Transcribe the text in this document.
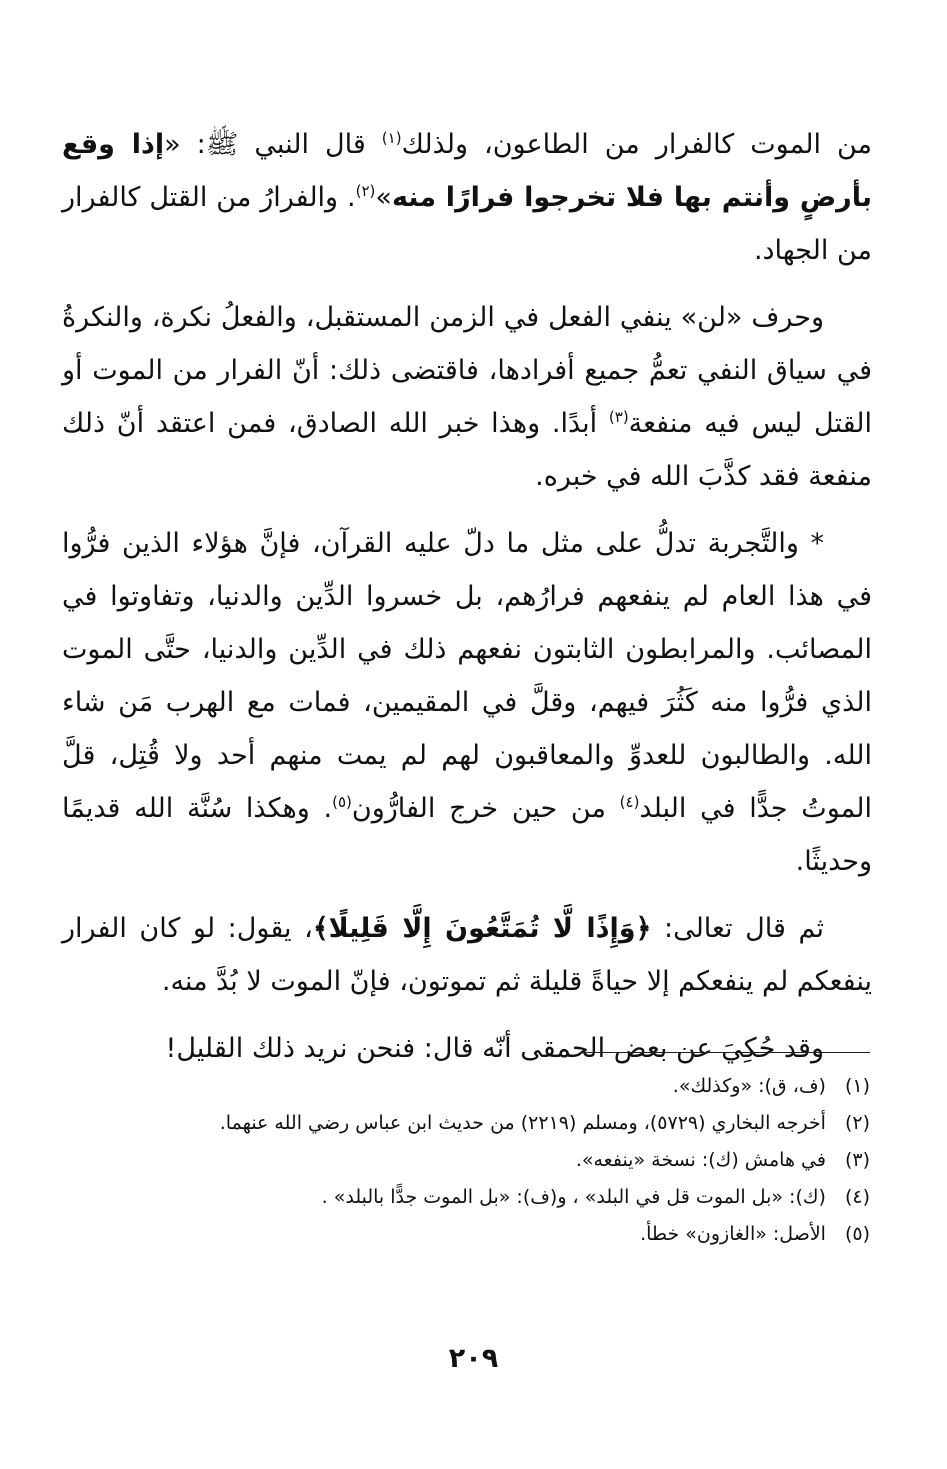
من الموت كالفرار من الطاعون، ولذلك$^{(١)}$ قال النبي ﷺ: «إذا وقع بأرضٍ وأنتم بها فلا تخرجوا فرارًا منه»$^{(٢)}$. والفرارُ من القتل كالفرار من الجهاد.

وحرف «لن» ينفي الفعل في الزمن المستقبل، والفعلُ نكرة، والنكرةُ في سياق النفي تعمُّ جميع أفرادها، فاقتضى ذلك: أنّ الفرار من الموت أو القتل ليس فيه منفعة$^{(٣)}$ أبدًا. وهذا خبر الله الصادق، فمن اعتقد أنّ ذلك منفعة فقد كذَّبَ الله في خبره.

* والتَّجربة تدلُّ على مثل ما دلّ عليه القرآن، فإنَّ هؤلاء الذين فرُّوا في هذا العام لم ينفعهم فرارُهم، بل خسروا الدِّين والدنيا، وتفاوتوا في المصائب. والمرابطون الثابتون نفعهم ذلك في الدِّين والدنيا، حتَّى الموت الذي فرُّوا منه كَثُرَ فيهم، وقلَّ في المقيمين، فمات مع الهرب مَن شاء الله. والطالبون للعدوِّ والمعاقبون لهم لم يمت منهم أحد ولا قُتِل، قلَّ الموتُ جدًّا في البلد$^{(٤)}$ من حين خرج الفارُّون$^{(٥)}$. وهكذا سُنَّة الله قديمًا وحديثًا.

ثم قال تعالى: ﴿وَإِذًا لَّا تُمَتَّعُونَ إِلَّا قَلِيلًا﴾، يقول: لو كان الفرار ينفعكم لم ينفعكم إلا حياةً قليلة ثم تموتون، فإنّ الموت لا بُدَّ منه.

وقد حُكِيَ عن بعض الحمقى أنّه قال: فنحن نريد ذلك القليل!

(١) (ف، ق): «وكذلك».

(٢) أخرجه البخاري (٥٧٢٩)، ومسلم (٢٢١٩) من حديث ابن عباس رضي الله عنهما.

(٣) في هامش (ك): نسخة «ينفعه».

(٤) (ك): «بل الموت قل في البلد» ، و(ف): «بل الموت جدًّا بالبلد» .

(٥) الأصل: «الغازون» خطأ.

٢٠٩
